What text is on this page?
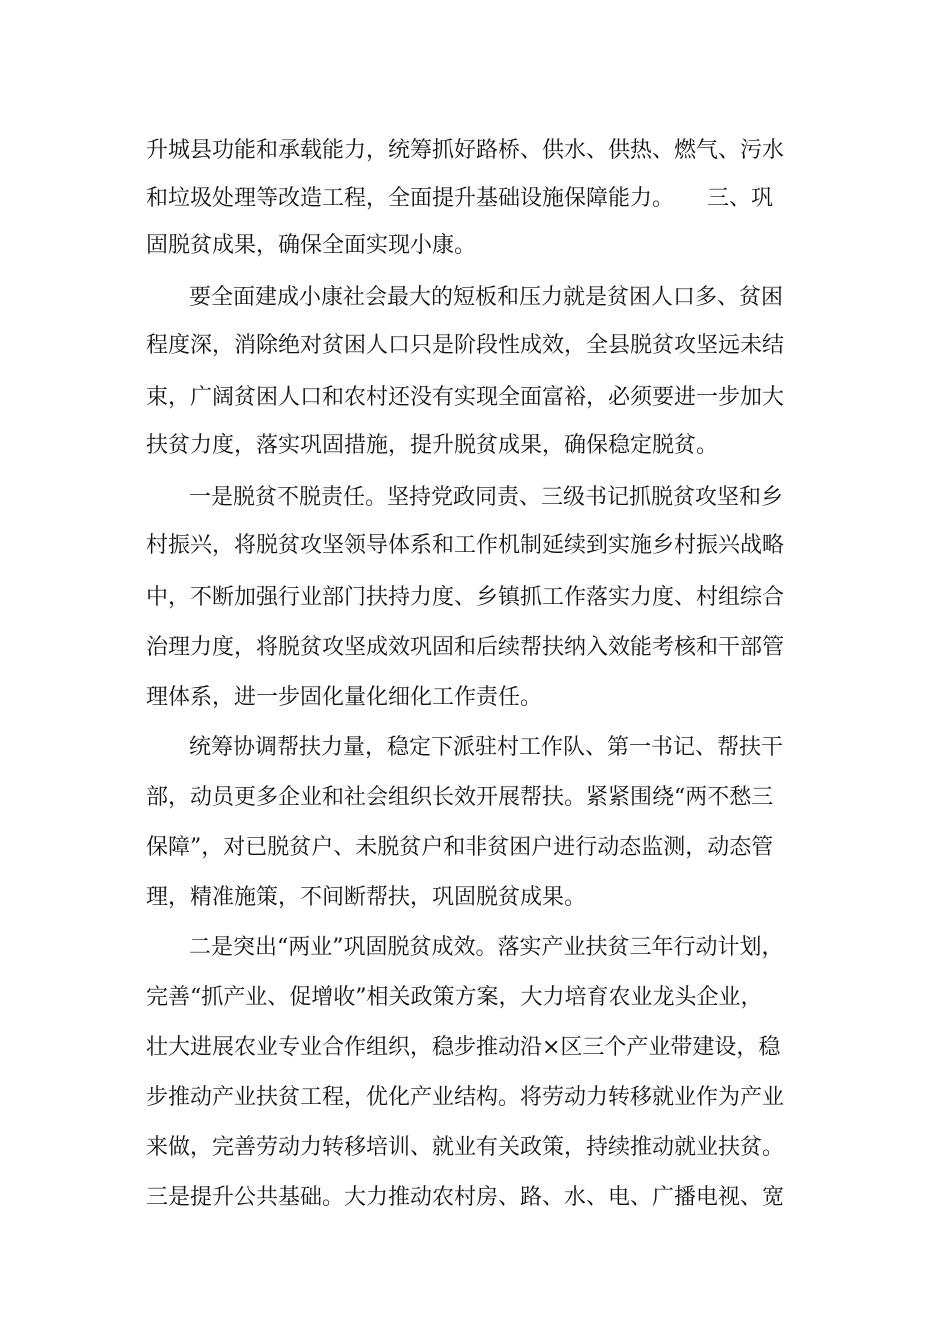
升城县功能和承载能力，统筹抓好路桥、供水、供热、燃气、污水
和垃圾处理等改造工程，全面提升基础设施保障能力。　　三、巩
固脱贫成果，确保全面实现小康。
要全面建成小康社会最大的短板和压力就是贫困人口多、贫困
程度深，消除绝对贫困人口只是阶段性成效，全县脱贫攻坚远未结
束，广阔贫困人口和农村还没有实现全面富裕，必须要进一步加大
扶贫力度，落实巩固措施，提升脱贫成果，确保稳定脱贫。
一是脱贫不脱责任。坚持党政同责、三级书记抓脱贫攻坚和乡
村振兴，将脱贫攻坚领导体系和工作机制延续到实施乡村振兴战略
中，不断加强行业部门扶持力度、乡镇抓工作落实力度、村组综合
治理力度，将脱贫攻坚成效巩固和后续帮扶纳入效能考核和干部管
理体系，进一步固化量化细化工作责任。
统筹协调帮扶力量，稳定下派驻村工作队、第一书记、帮扶干
部，动员更多企业和社会组织长效开展帮扶。紧紧围绕“两不愁三
保障”，对已脱贫户、未脱贫户和非贫困户进行动态监测，动态管
理，精准施策，不间断帮扶，巩固脱贫成果。
二是突出“两业”巩固脱贫成效。落实产业扶贫三年行动计划，
完善“抓产业、促增收”相关政策方案，大力培育农业龙头企业，
壮大进展农业专业合作组织，稳步推动沿×区三个产业带建设，稳
步推动产业扶贫工程，优化产业结构。将劳动力转移就业作为产业
来做，完善劳动力转移培训、就业有关政策，持续推动就业扶贫。
三是提升公共基础。大力推动农村房、路、水、电、广播电视、宽
